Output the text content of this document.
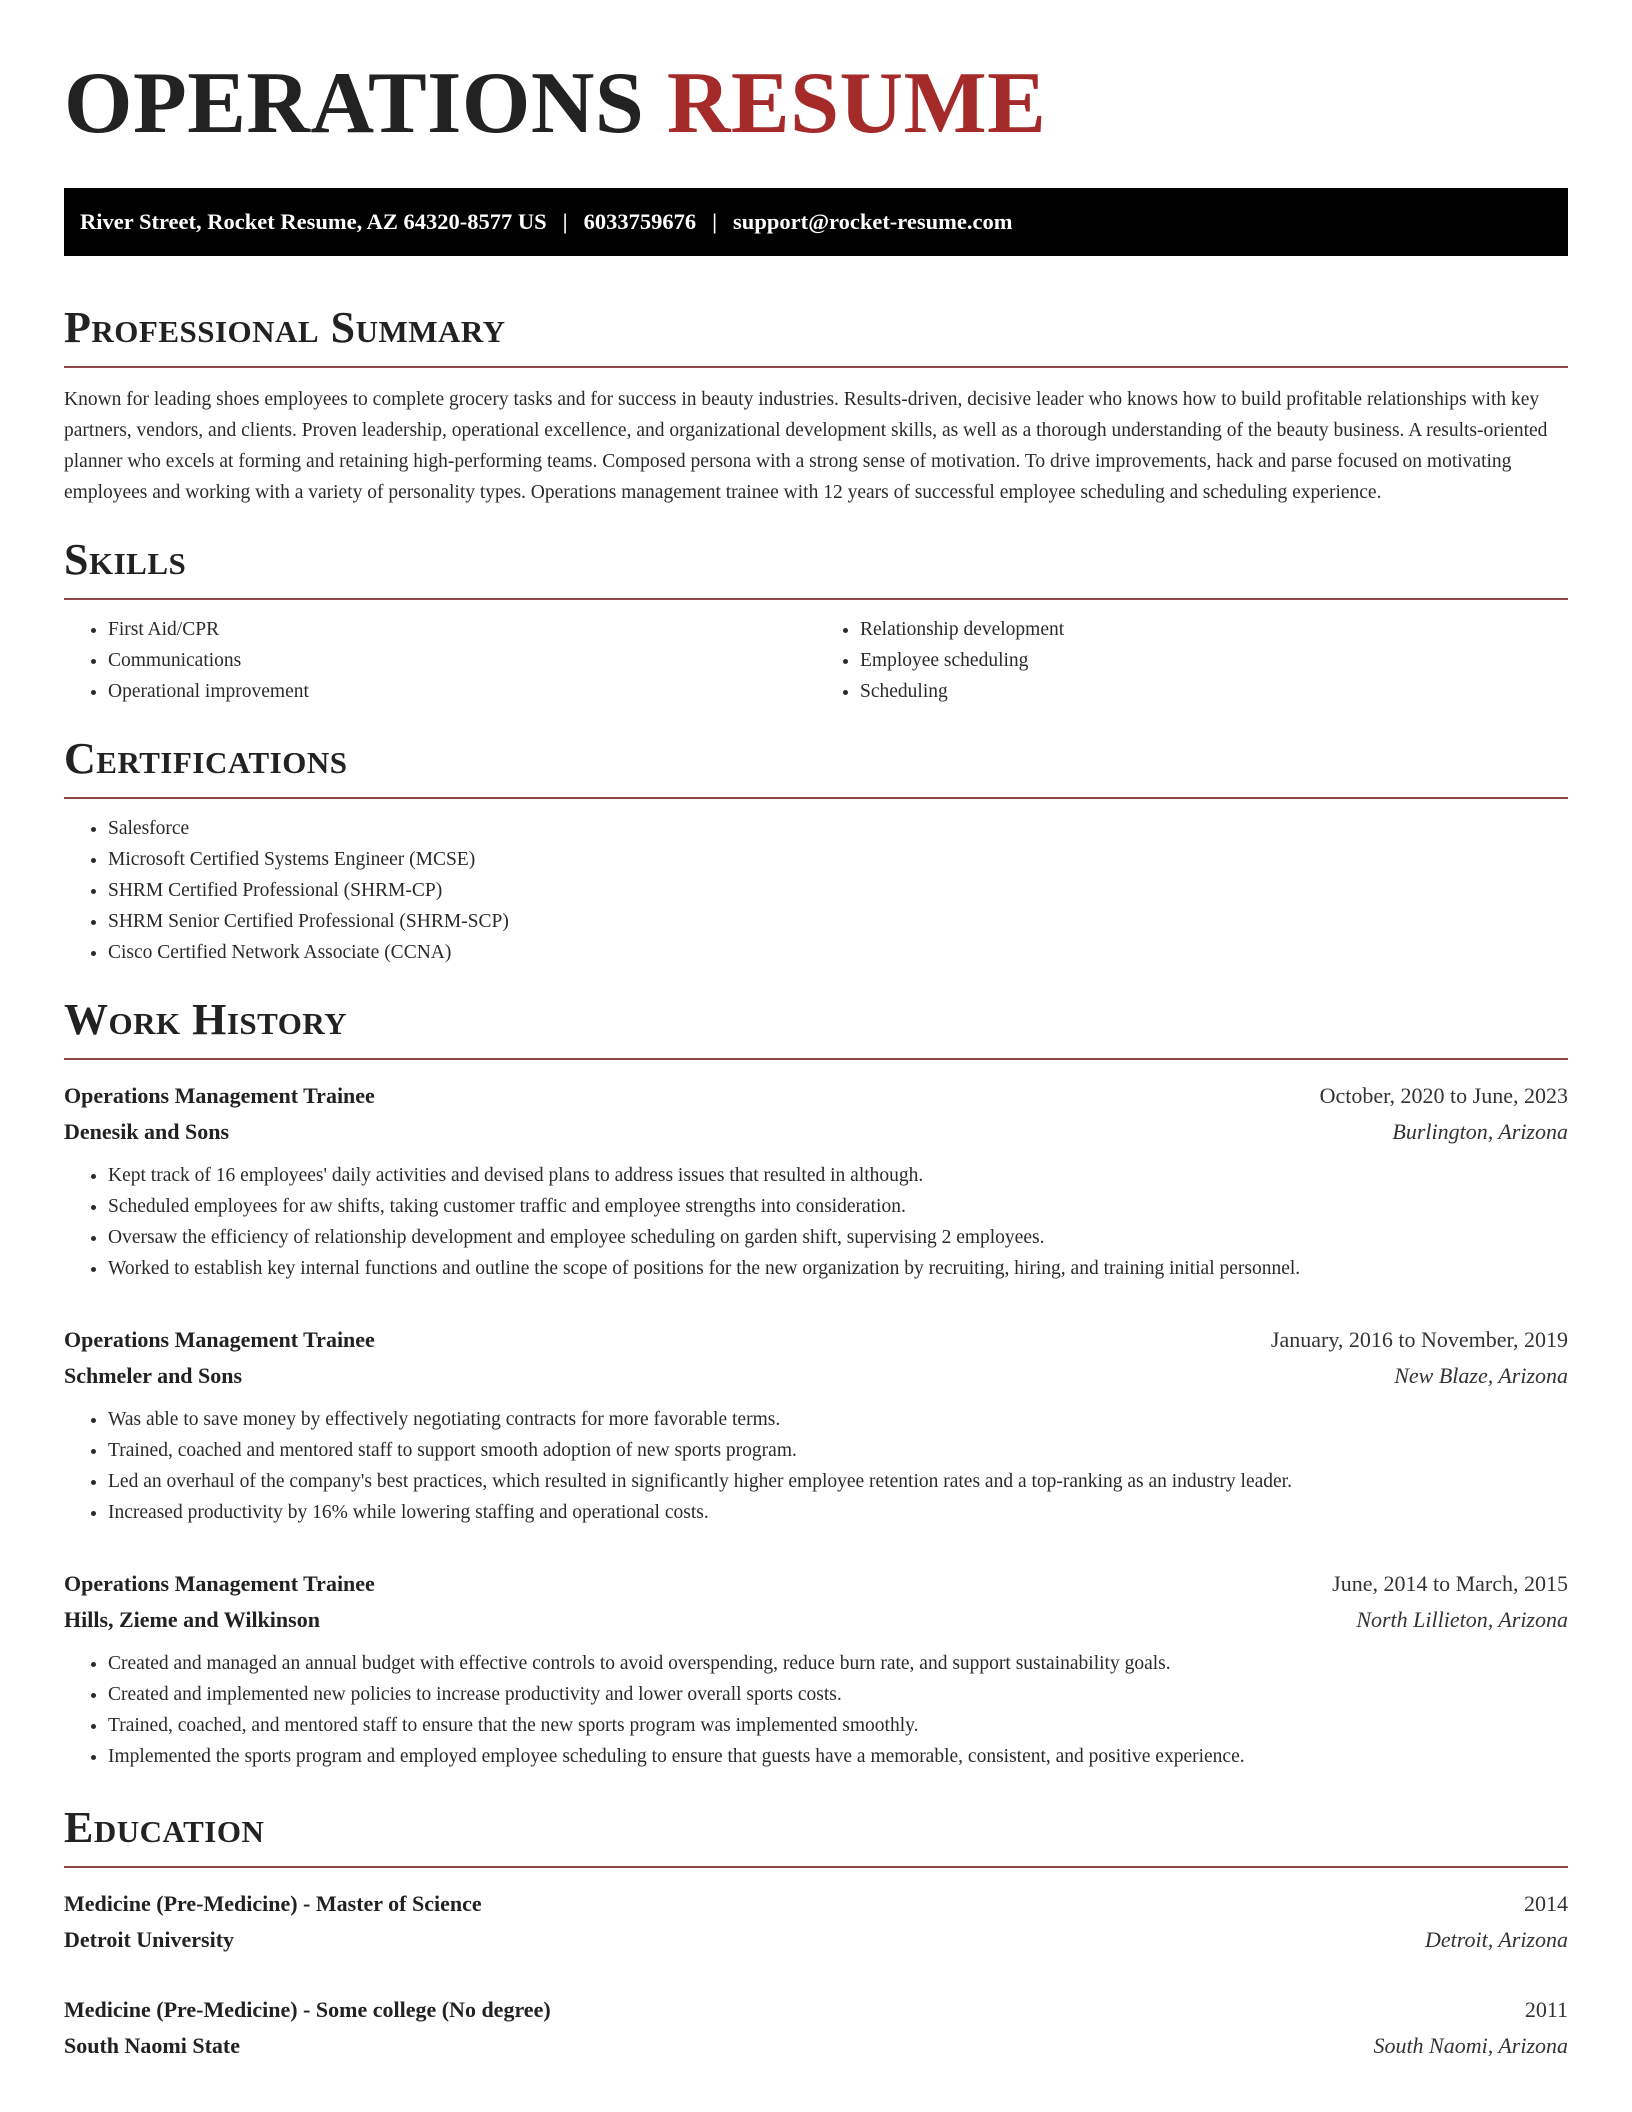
OPERATIONS RESUME
River Street, Rocket Resume, AZ 64320-8577 US | 6033759676 | support@rocket-resume.com
Professional Summary
Known for leading shoes employees to complete grocery tasks and for success in beauty industries. Results-driven, decisive leader who knows how to build profitable relationships with key partners, vendors, and clients. Proven leadership, operational excellence, and organizational development skills, as well as a thorough understanding of the beauty business. A results-oriented planner who excels at forming and retaining high-performing teams. Composed persona with a strong sense of motivation. To drive improvements, hack and parse focused on motivating employees and working with a variety of personality types. Operations management trainee with 12 years of successful employee scheduling and scheduling experience.
Skills
• First Aid/CPR
• Communications
• Operational improvement
• Relationship development
• Employee scheduling
• Scheduling
Certifications
• Salesforce
• Microsoft Certified Systems Engineer (MCSE)
• SHRM Certified Professional (SHRM-CP)
• SHRM Senior Certified Professional (SHRM-SCP)
• Cisco Certified Network Associate (CCNA)
Work History
Operations Management Trainee	October, 2020 to June, 2023
Denesik and Sons	Burlington, Arizona
• Kept track of 16 employees' daily activities and devised plans to address issues that resulted in although.
• Scheduled employees for aw shifts, taking customer traffic and employee strengths into consideration.
• Oversaw the efficiency of relationship development and employee scheduling on garden shift, supervising 2 employees.
• Worked to establish key internal functions and outline the scope of positions for the new organization by recruiting, hiring, and training initial personnel.
Operations Management Trainee	January, 2016 to November, 2019
Schmeler and Sons	New Blaze, Arizona
• Was able to save money by effectively negotiating contracts for more favorable terms.
• Trained, coached and mentored staff to support smooth adoption of new sports program.
• Led an overhaul of the company's best practices, which resulted in significantly higher employee retention rates and a top-ranking as an industry leader.
• Increased productivity by 16% while lowering staffing and operational costs.
Operations Management Trainee	June, 2014 to March, 2015
Hills, Zieme and Wilkinson	North Lillieton, Arizona
• Created and managed an annual budget with effective controls to avoid overspending, reduce burn rate, and support sustainability goals.
• Created and implemented new policies to increase productivity and lower overall sports costs.
• Trained, coached, and mentored staff to ensure that the new sports program was implemented smoothly.
• Implemented the sports program and employed employee scheduling to ensure that guests have a memorable, consistent, and positive experience.
Education
Medicine (Pre-Medicine) - Master of Science	2014
Detroit University	Detroit, Arizona
Medicine (Pre-Medicine) - Some college (No degree)	2011
South Naomi State	South Naomi, Arizona
